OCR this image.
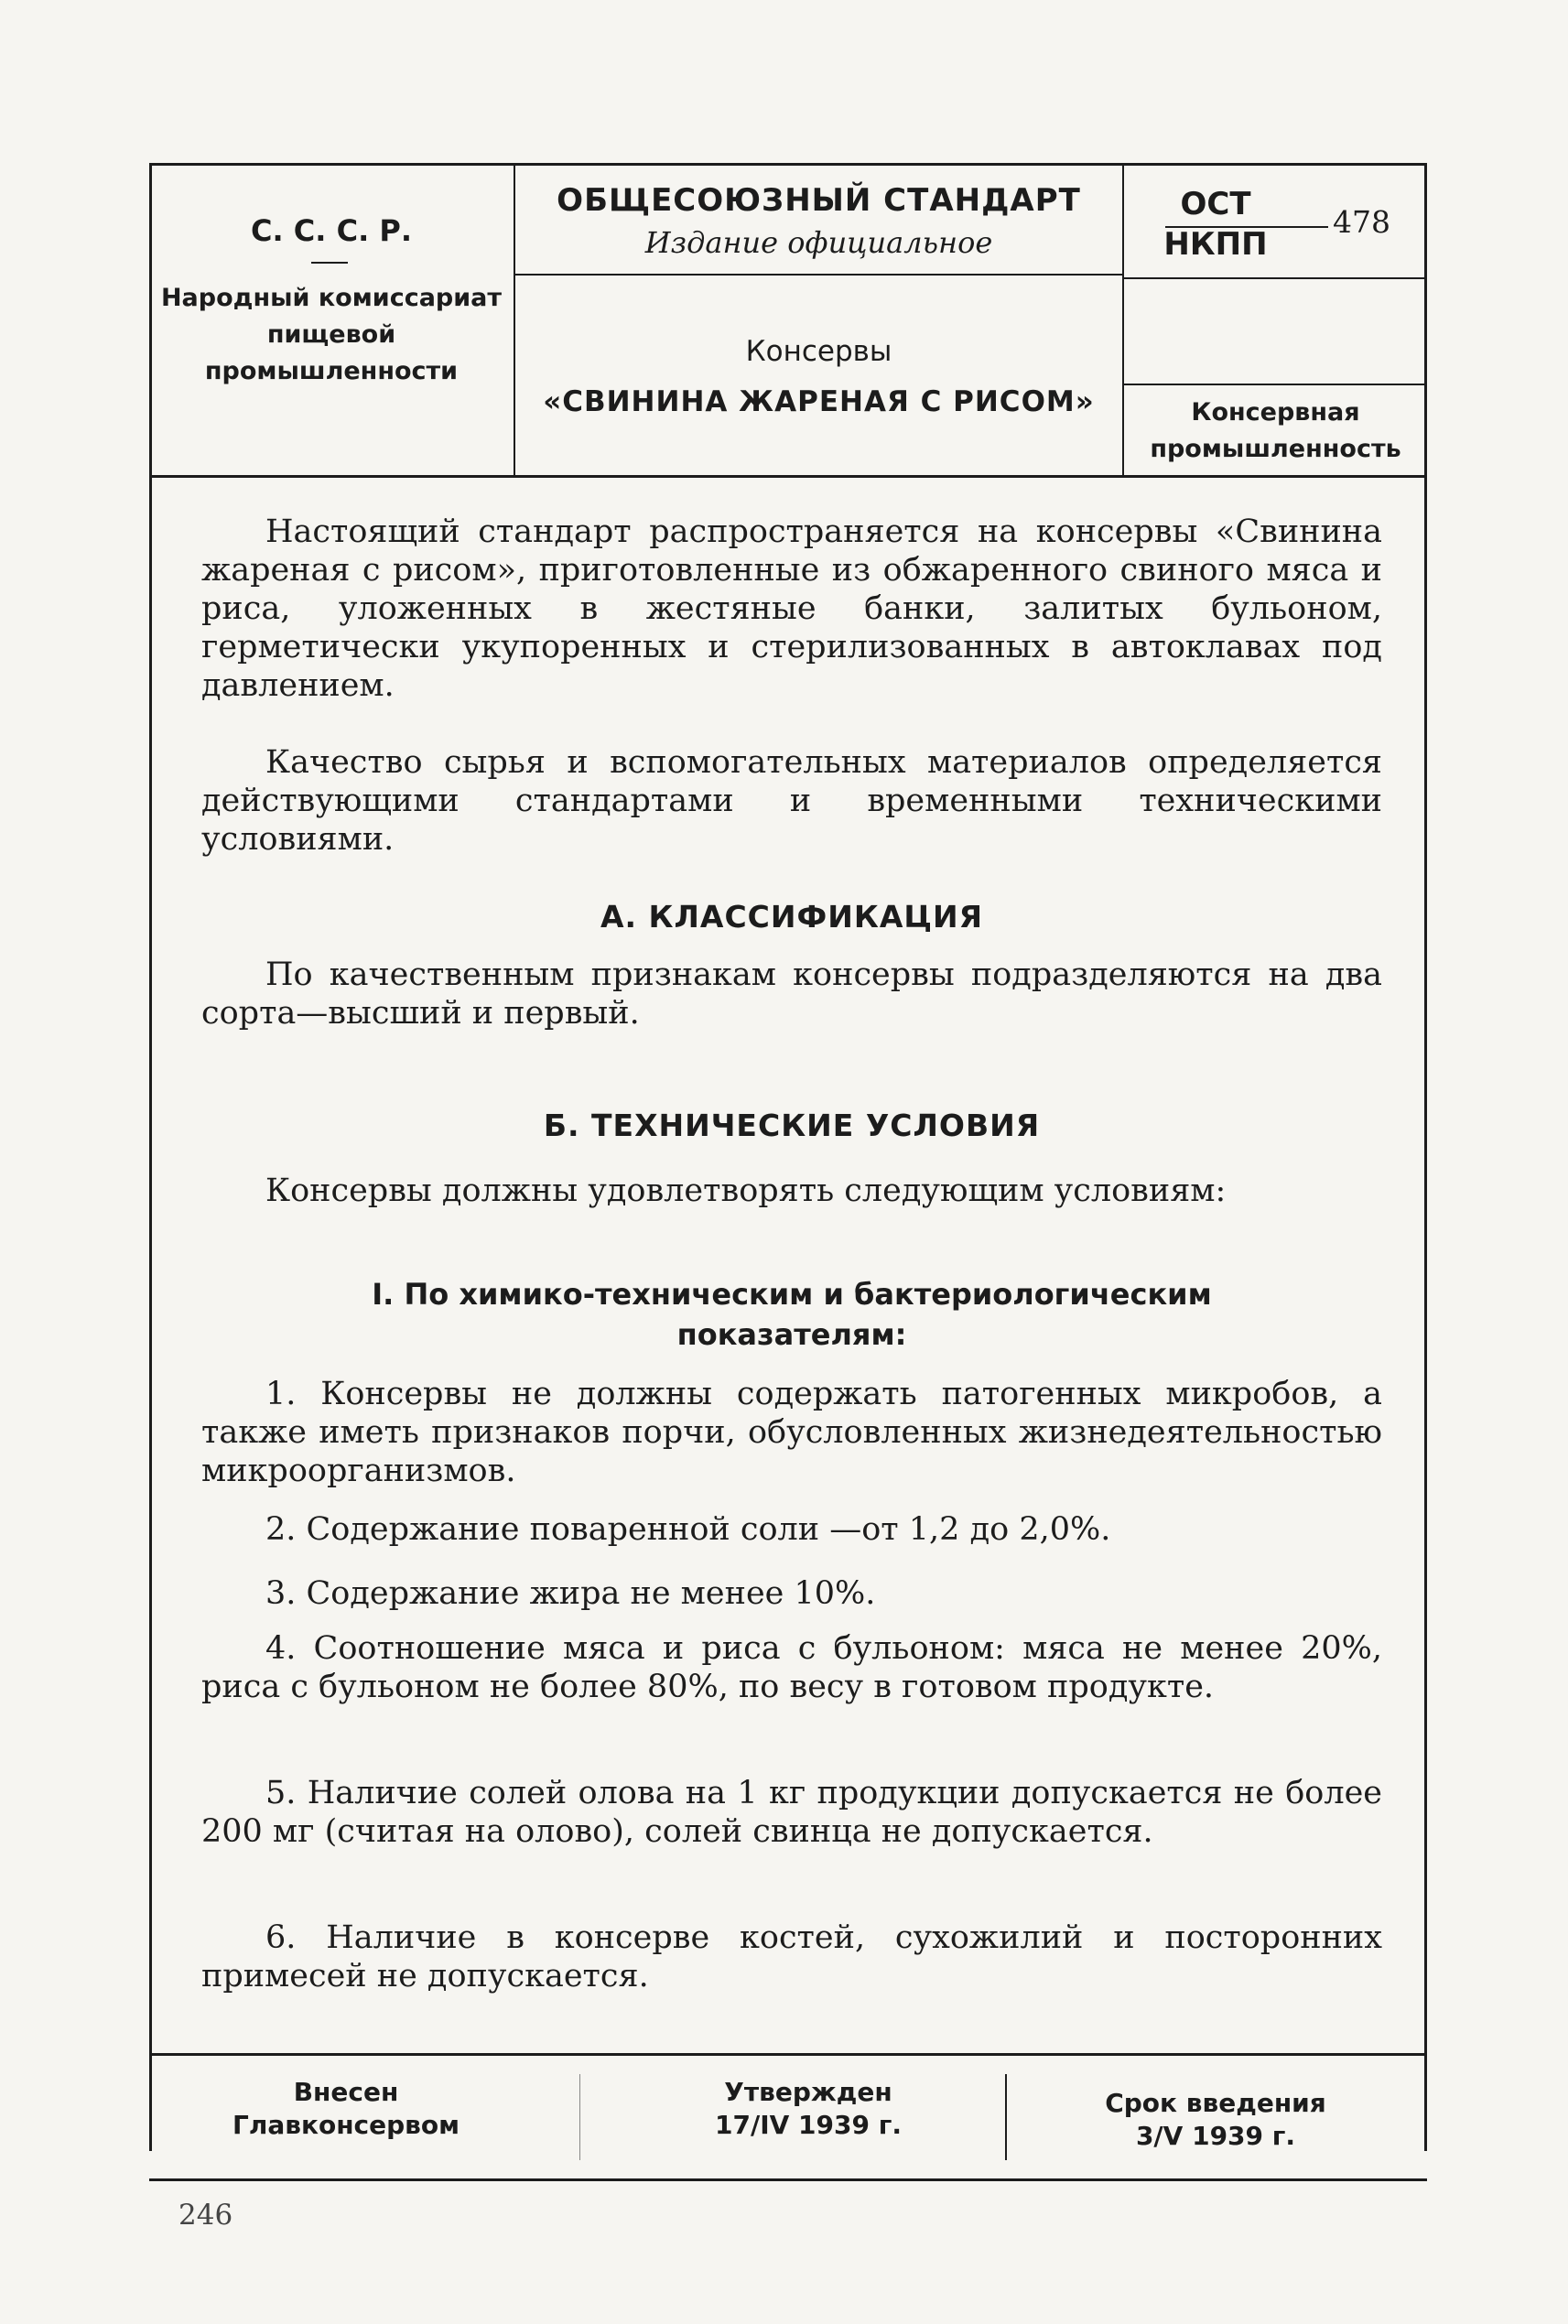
С. С. С. Р.
Народный комиссариат пищевой промышленности
ОБЩЕСОЮЗНЫЙ СТАНДАРТ
Издание официальное
Консервы
«СВИНИНА ЖАРЕНАЯ С РИСОМ»
ОСТ
НКПП
478
Консервная промышленность
Настоящий стандарт распространяется на консервы «Свинина жареная с рисом», приготовленные из обжаренного свиного мяса и риса, уложенных в жестяные банки, залитых бульоном, герметически укупоренных и стерилизованных в автоклавах под давлением.
Качество сырья и вспомогательных материалов определяется действующими стандартами и временными техническими условиями.
А. КЛАССИФИКАЦИЯ
По качественным признакам консервы подразделяются на два сорта—высший и первый.
Б. ТЕХНИЧЕСКИЕ УСЛОВИЯ
Консервы должны удовлетворять следующим условиям:
I. По химико-техническим и бактериологическим
показателям:
1. Консервы не должны содержать патогенных микробов, а также иметь признаков порчи, обусловленных жизнедеятельностью микроорганизмов.
2. Содержание поваренной соли —от 1,2 до 2,0%.
3. Содержание жира не менее 10%.
4. Соотношение мяса и риса с бульоном: мяса не менее 20%, риса с бульоном не более 80%, по весу в готовом продукте.
5. Наличие солей олова на 1 кг продукции допускается не более 200 мг (считая на олово), солей свинца не допускается.
6. Наличие в консерве костей, сухожилий и посторонних примесей не допускается.
Внесен
Главконсервом
Утвержден
17/IV 1939 г.
Срок введения
3/V 1939 г.
246
